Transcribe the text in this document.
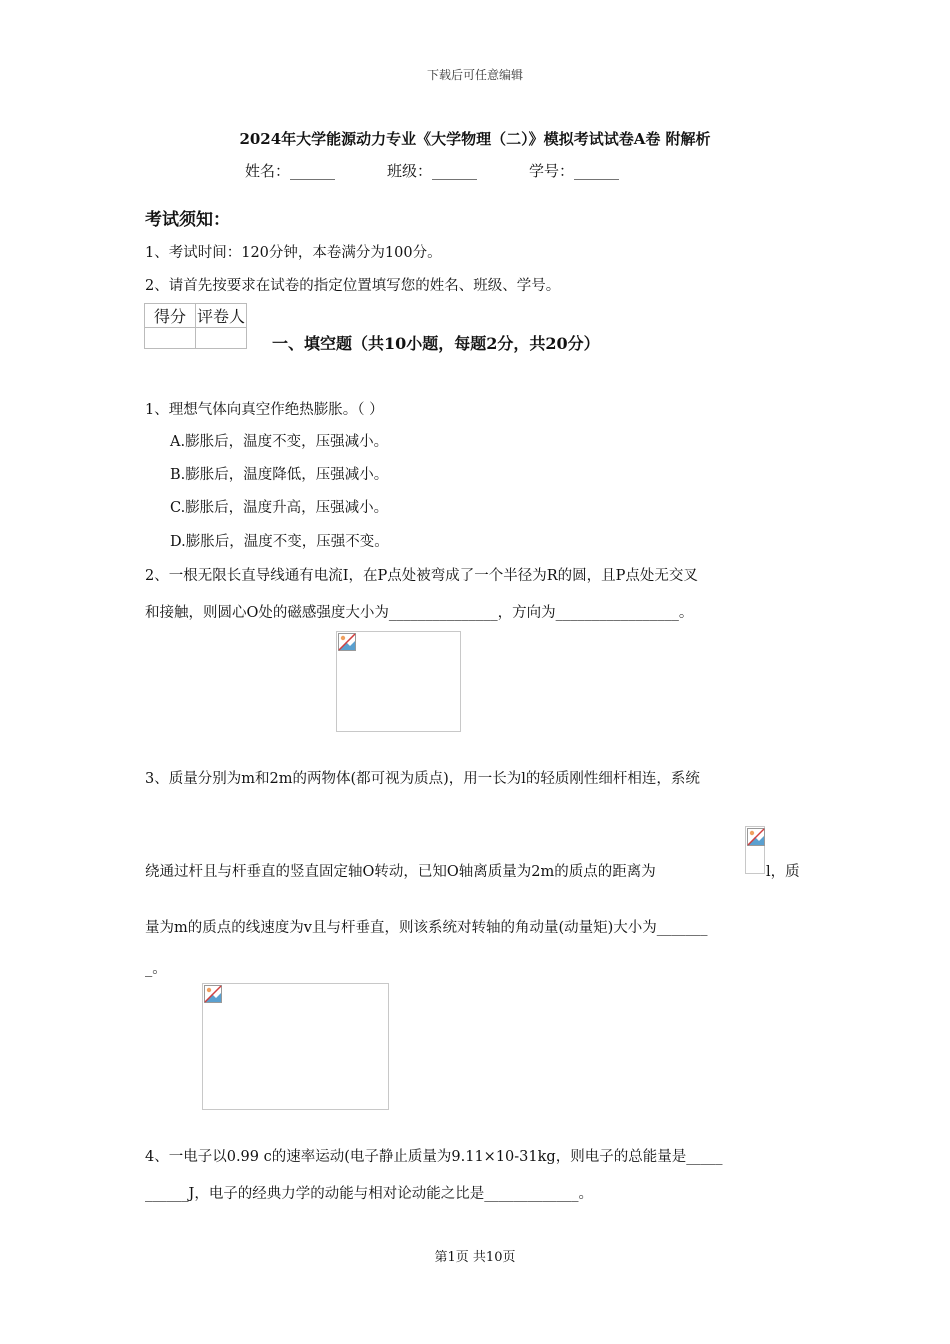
下载后可任意编辑
2024年大学能源动力专业《大学物理（二）》模拟考试试卷A卷 附解析
姓名：______	班级：______	学号：______
考试须知：
1、考试时间：120分钟，本卷满分为100分。
2、请首先按要求在试卷的指定位置填写您的姓名、班级、学号。
得分	评卷人

一、填空题（共10小题，每题2分，共20分）
1、理想气体向真空作绝热膨胀。（ ）
A.膨胀后，温度不变，压强减小。
B.膨胀后，温度降低，压强减小。
C.膨胀后，温度升高，压强减小。
D.膨胀后，温度不变，压强不变。
2、一根无限长直导线通有电流I，在P点处被弯成了一个半径为R的圆，且P点处无交叉
和接触，则圆心O处的磁感强度大小为_______________，方向为_________________。
3、质量分别为m和2m的两物体(都可视为质点)，用一长为l的轻质刚性细杆相连，系统
绕通过杆且与杆垂直的竖直固定轴O转动，已知O轴离质量为2m的质点的距离为	l，质
量为m的质点的线速度为v且与杆垂直，则该系统对转轴的角动量(动量矩)大小为_______
_。
4、一电子以0.99 c的速率运动(电子静止质量为9.11×10-31kg，则电子的总能量是_____
______J，电子的经典力学的动能与相对论动能之比是_____________。
第1页 共10页
